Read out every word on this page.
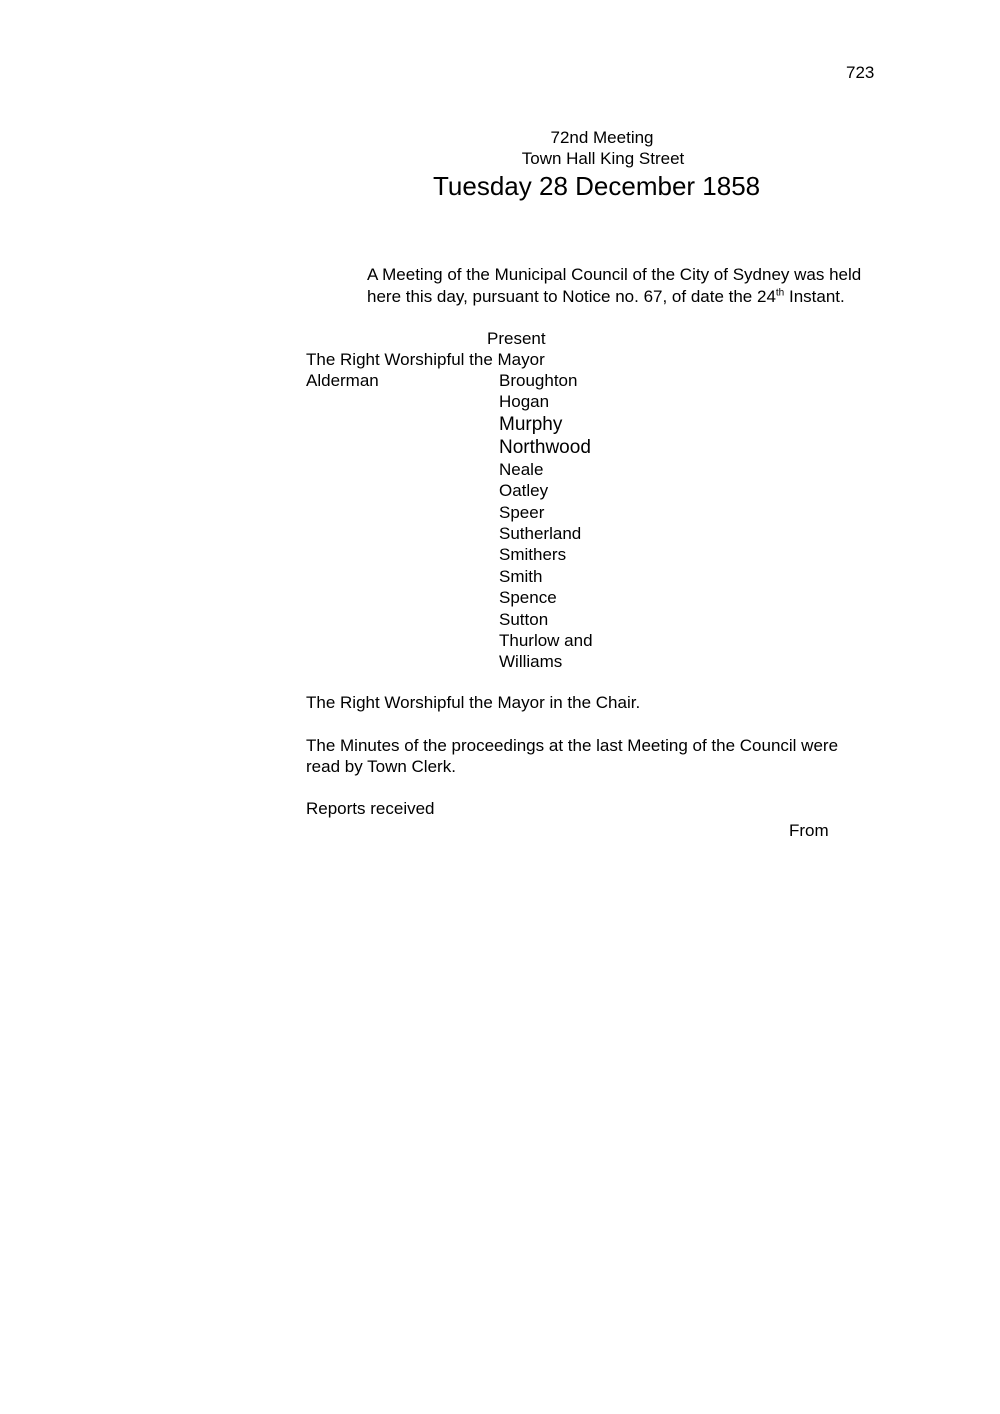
723
72nd Meeting
Town Hall King Street
Tuesday 28 December 1858
A Meeting of the Municipal Council of the City of Sydney was held
here this day, pursuant to Notice no. 67, of date the 24th Instant.
Present
The Right Worshipful the Mayor
Alderman	Broughton
Hogan
Murphy
Northwood
Neale
Oatley
Speer
Sutherland
Smithers
Smith
Spence
Sutton
Thurlow and
Williams
The Right Worshipful the Mayor in the Chair.
The Minutes of the proceedings at the last Meeting of the Council were
read by Town Clerk.
Reports received
From
